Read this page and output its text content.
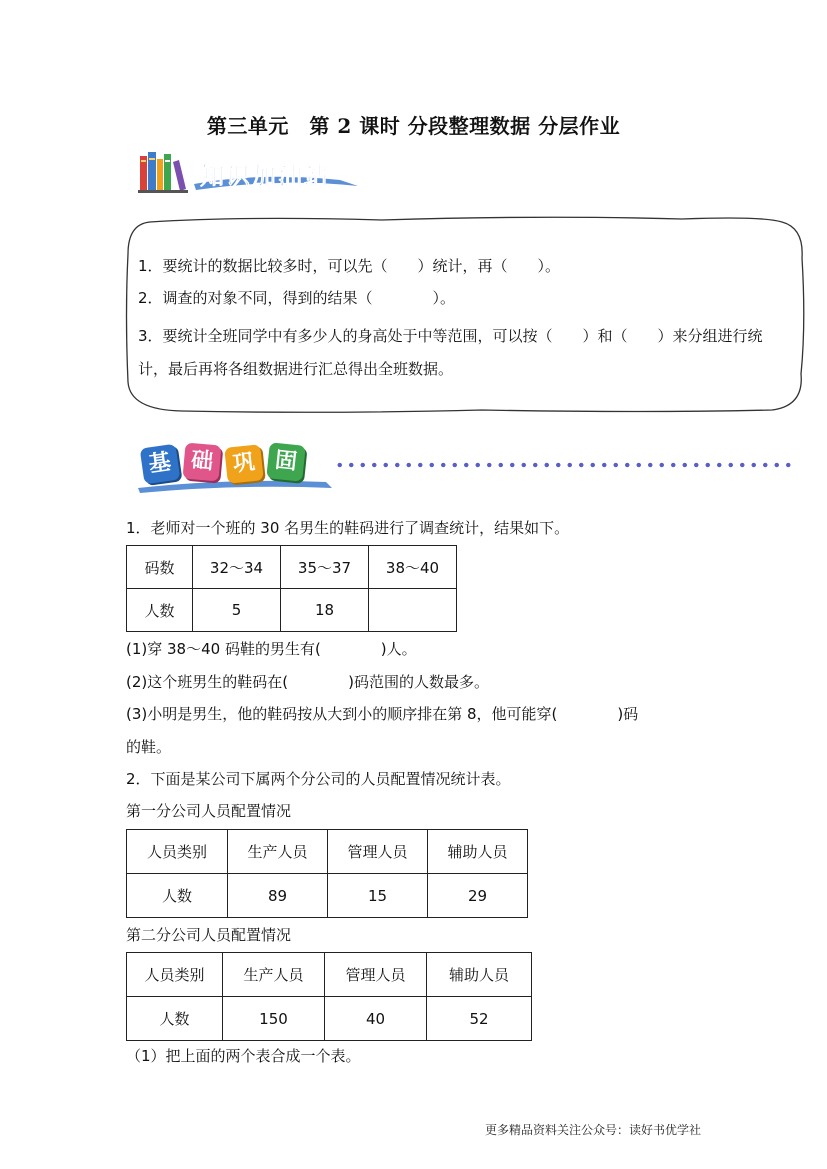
第三单元　第 2 课时 分段整理数据 分层作业
知识加油站
1．要统计的数据比较多时，可以先（　　）统计，再（　　）。
2．调查的对象不同，得到的结果（　　　　）。
3．要统计全班同学中有多少人的身高处于中等范围，可以按（　　）和（　　）来分组进行统计，最后再将各组数据进行汇总得出全班数据。
基 础 巩 固
1．老师对一个班的 30 名男生的鞋码进行了调查统计，结果如下。
码数	32～34	35～37	38～40
人数	5	18	
(1)穿 38～40 码鞋的男生有(　　　　)人。
(2)这个班男生的鞋码在(　　　　)码范围的人数最多。
(3)小明是男生，他的鞋码按从大到小的顺序排在第 8，他可能穿(　　　　)码
的鞋。
2．下面是某公司下属两个分公司的人员配置情况统计表。
第一分公司人员配置情况
人员类别	生产人员	管理人员	辅助人员
人数	89	15	29
第二分公司人员配置情况
人员类别	生产人员	管理人员	辅助人员
人数	150	40	52
（1）把上面的两个表合成一个表。
更多精品资料关注公众号：读好书优学社
